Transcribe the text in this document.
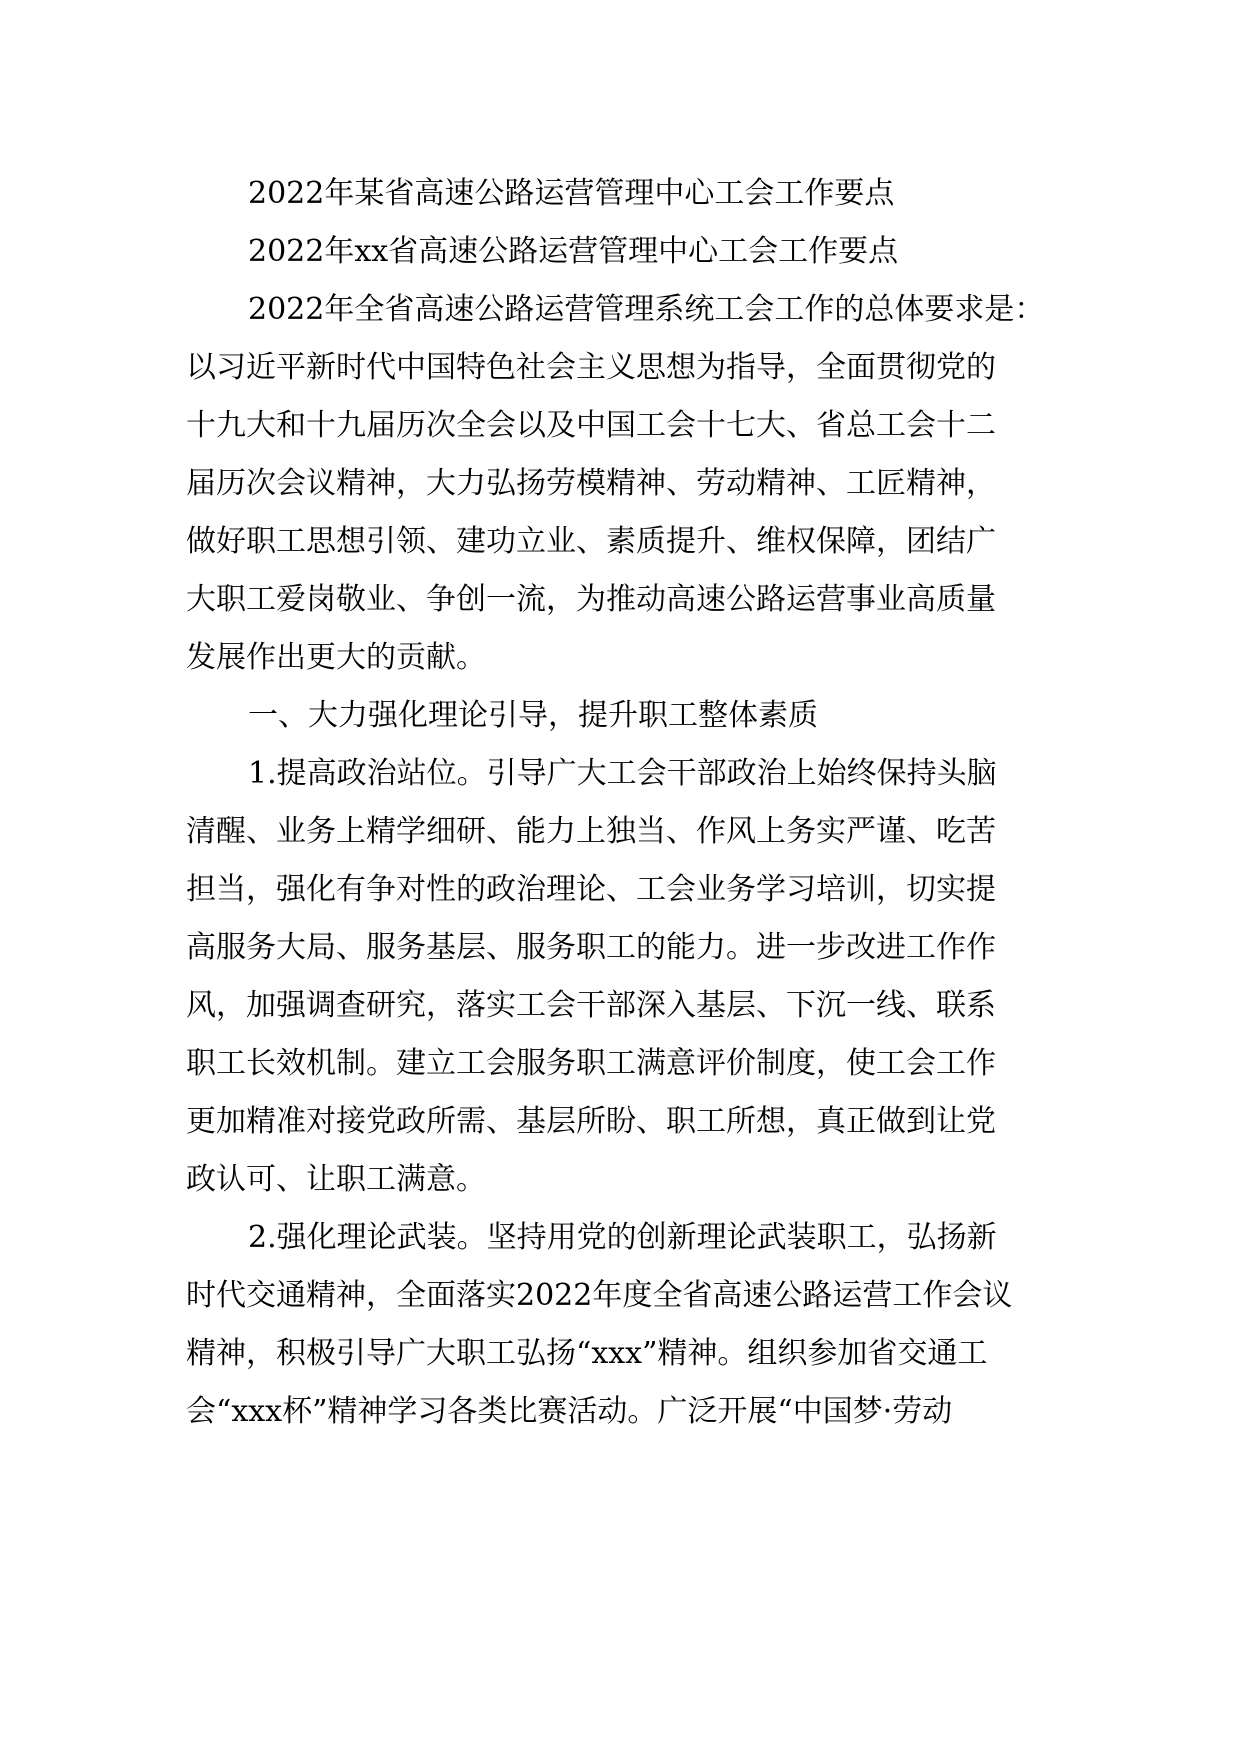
2022年某省高速公路运营管理中心工会工作要点

2022年xx省高速公路运营管理中心工会工作要点

2022年全省高速公路运营管理系统工会工作的总体要求是：

以习近平新时代中国特色社会主义思想为指导，全面贯彻党的

十九大和十九届历次全会以及中国工会十七大、省总工会十二

届历次会议精神，大力弘扬劳模精神、劳动精神、工匠精神，

做好职工思想引领、建功立业、素质提升、维权保障，团结广

大职工爱岗敬业、争创一流，为推动高速公路运营事业高质量

发展作出更大的贡献。

一、大力强化理论引导，提升职工整体素质

1.提高政治站位。引导广大工会干部政治上始终保持头脑

清醒、业务上精学细研、能力上独当、作风上务实严谨、吃苦

担当，强化有争对性的政治理论、工会业务学习培训，切实提

高服务大局、服务基层、服务职工的能力。进一步改进工作作

风，加强调查研究，落实工会干部深入基层、下沉一线、联系

职工长效机制。建立工会服务职工满意评价制度，使工会工作

更加精准对接党政所需、基层所盼、职工所想，真正做到让党

政认可、让职工满意。

2.强化理论武装。坚持用党的创新理论武装职工，弘扬新

时代交通精神，全面落实2022年度全省高速公路运营工作会议

精神，积极引导广大职工弘扬“xxx”精神。组织参加省交通工

会“xxx杯”精神学习各类比赛活动。广泛开展“中国梦·劳动
